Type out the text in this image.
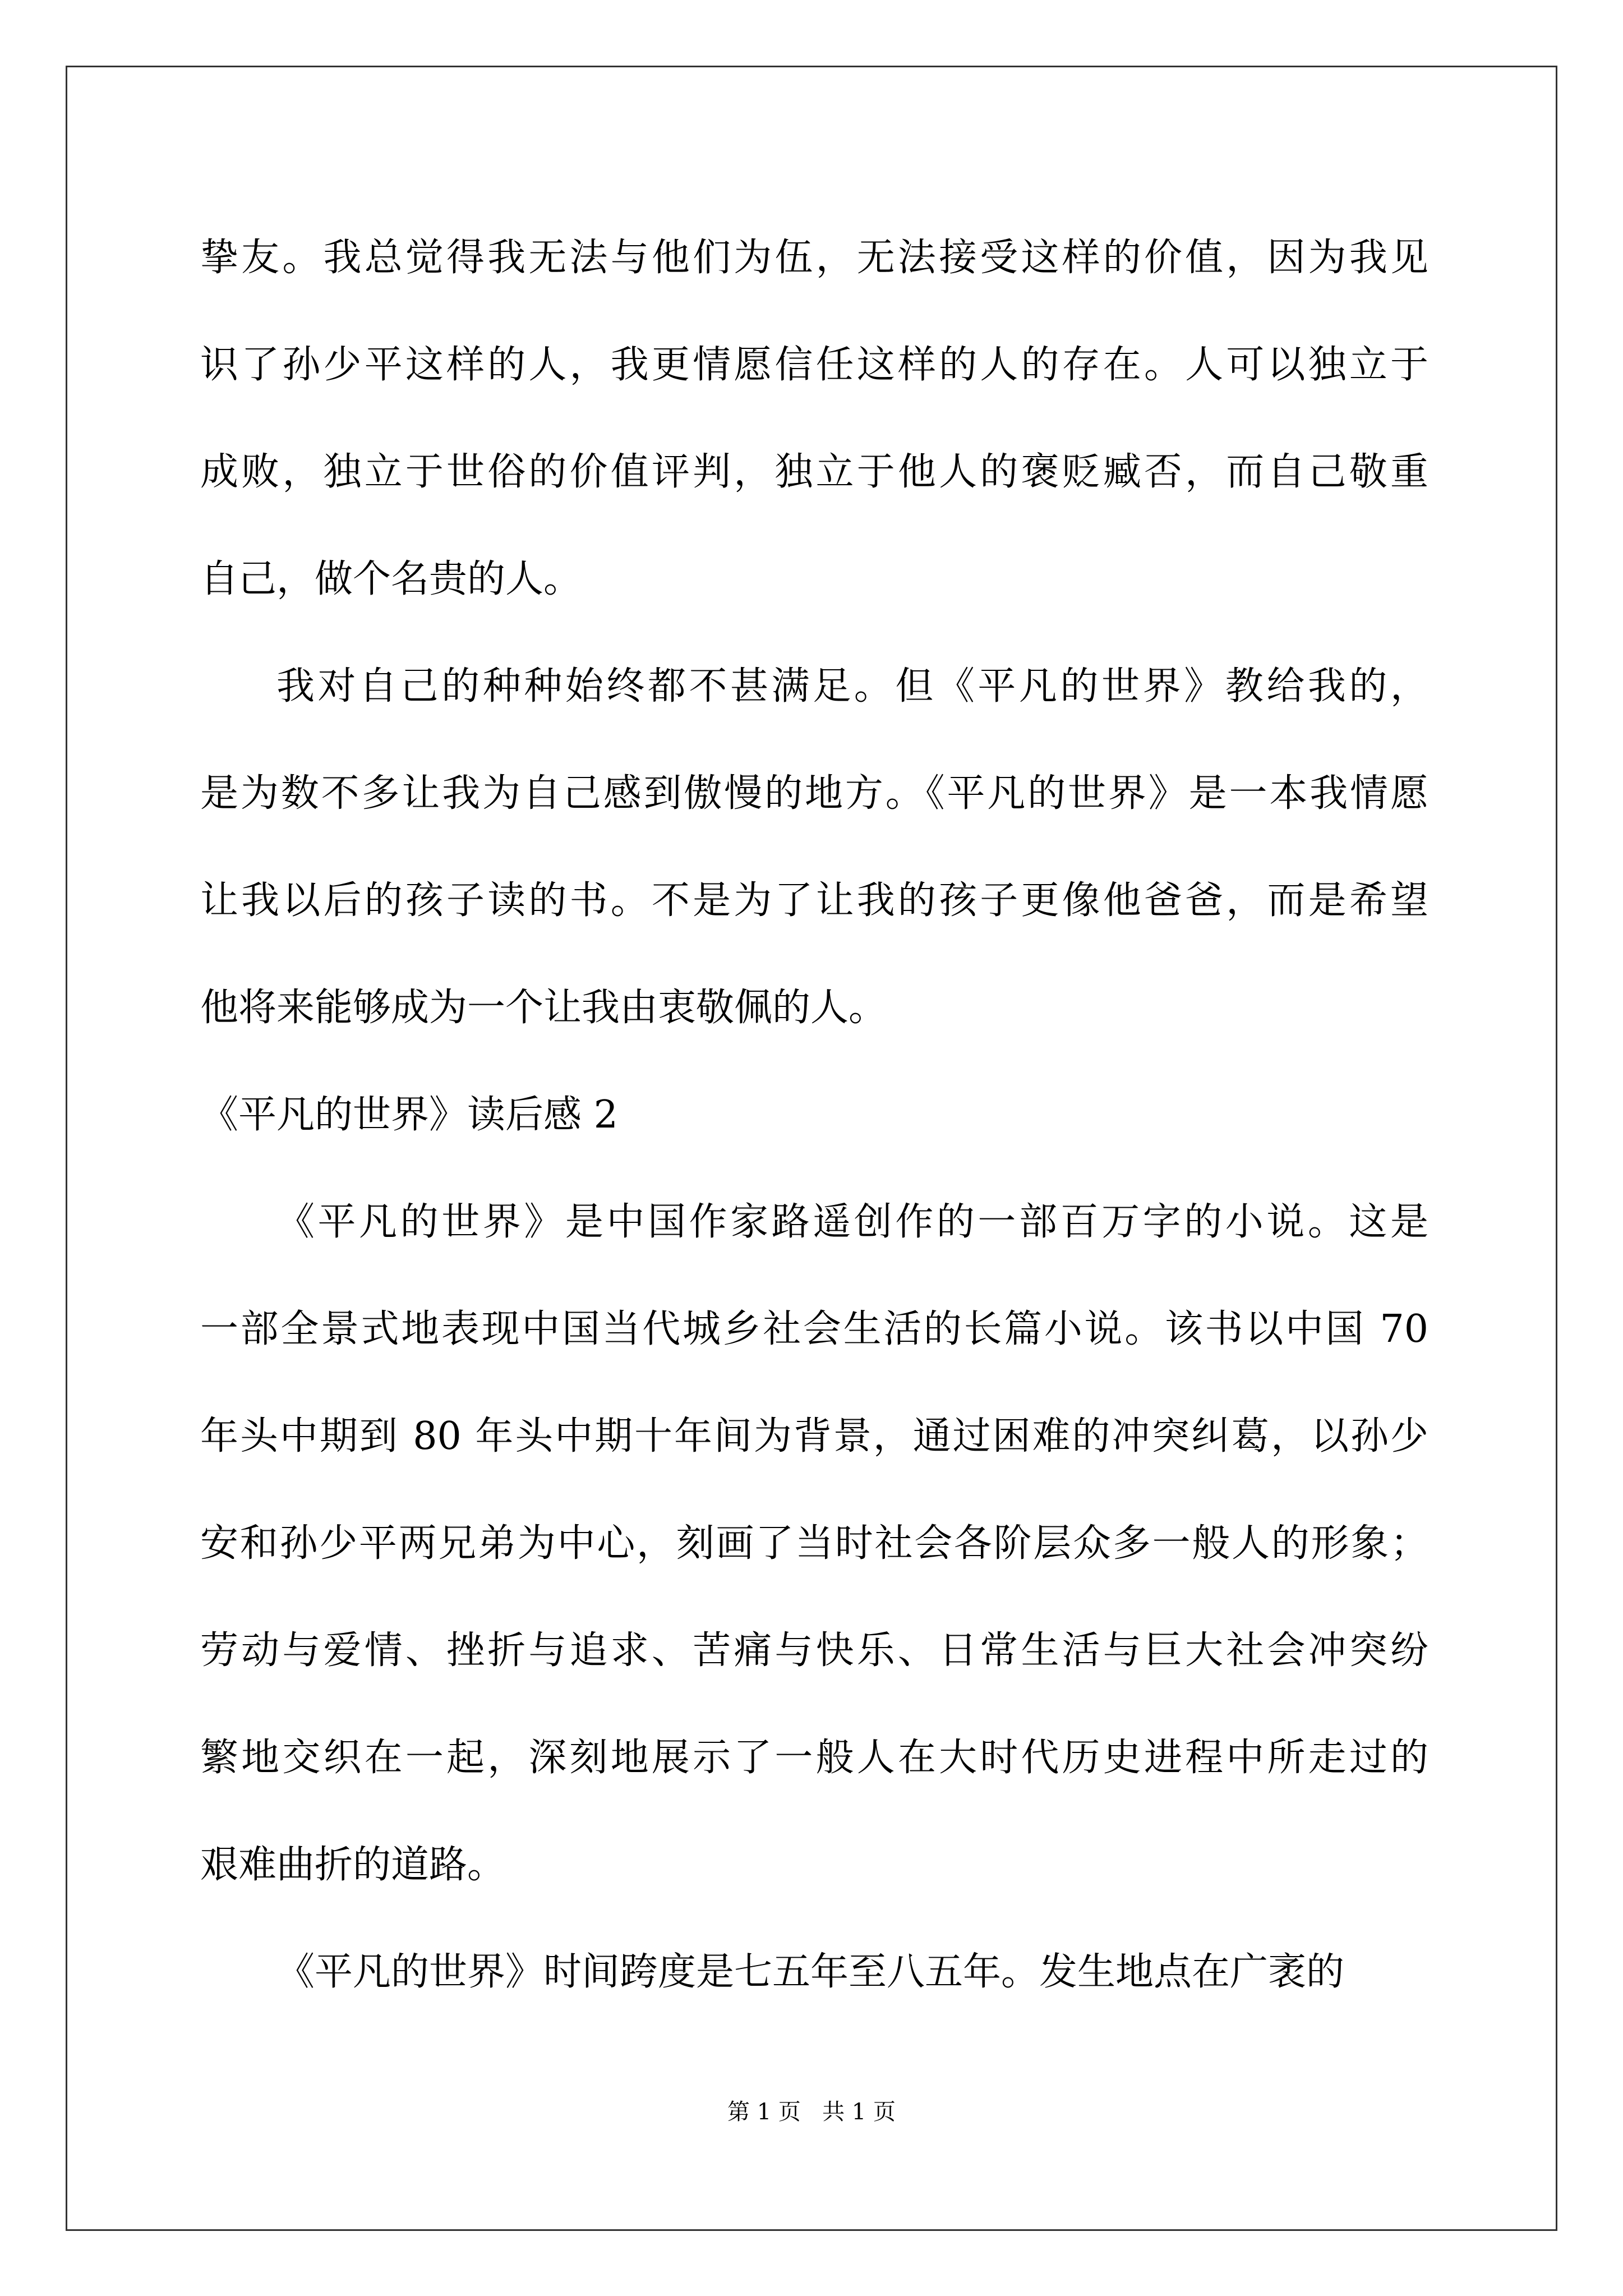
挚友。我总觉得我无法与他们为伍，无法接受这样的价值，因为我见
识了孙少平这样的人，我更情愿信任这样的人的存在。人可以独立于
成败，独立于世俗的价值评判，独立于他人的褒贬臧否，而自己敬重
自己，做个名贵的人。
我对自己的种种始终都不甚满足。但《平凡的世界》教给我的，
是为数不多让我为自己感到傲慢的地方。《平凡的世界》是一本我情愿
让我以后的孩子读的书。不是为了让我的孩子更像他爸爸，而是希望
他将来能够成为一个让我由衷敬佩的人。
《平凡的世界》读后感 2
《平凡的世界》是中国作家路遥创作的一部百万字的小说。这是
一部全景式地表现中国当代城乡社会生活的长篇小说。该书以中国 70
年头中期到 80 年头中期十年间为背景，通过困难的冲突纠葛，以孙少
安和孙少平两兄弟为中心，刻画了当时社会各阶层众多一般人的形象；
劳动与爱情、挫折与追求、苦痛与快乐、日常生活与巨大社会冲突纷
繁地交织在一起，深刻地展示了一般人在大时代历史进程中所走过的
艰难曲折的道路。
《平凡的世界》时间跨度是七五年至八五年。发生地点在广袤的
第 1 页   共 1 页
